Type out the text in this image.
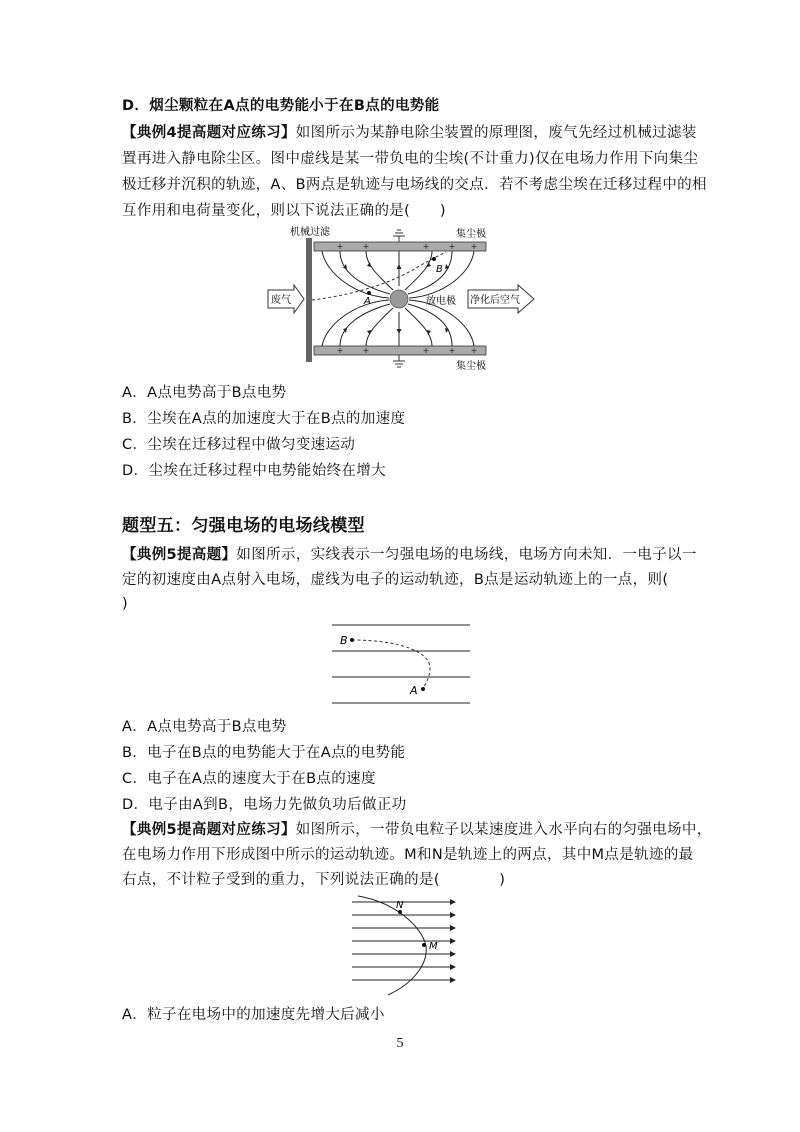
D．烟尘颗粒在A点的电势能小于在B点的电势能
【典例4提高题对应练习】如图所示为某静电除尘装置的原理图，废气先经过机械过滤装
置再进入静电除尘区。图中虚线是某一带负电的尘埃(不计重力)仅在电场力作用下向集尘
极迁移并沉积的轨迹，A、B两点是轨迹与电场线的交点．若不考虑尘埃在迁移过程中的相
互作用和电荷量变化，则以下说法正确的是(　　)
A
B
机械过滤	集尘极
集尘极
放电极
废气	净化后空气
A．A点电势高于B点电势
B．尘埃在A点的加速度大于在B点的加速度
C．尘埃在迁移过程中做匀变速运动
D．尘埃在迁移过程中电势能始终在增大
题型五：匀强电场的电场线模型
【典例5提高题】如图所示，实线表示一匀强电场的电场线，电场方向未知．一电子以一
定的初速度由A点射入电场，虚线为电子的运动轨迹，B点是运动轨迹上的一点，则(
)
B
A
A．A点电势高于B点电势
B．电子在B点的电势能大于在A点的电势能
C．电子在A点的速度大于在B点的速度
D．电子由A到B，电场力先做负功后做正功
【典例5提高题对应练习】如图所示，一带负电粒子以某速度进入水平向右的匀强电场中，
在电场力作用下形成图中所示的运动轨迹。M和N是轨迹上的两点，其中M点是轨迹的最
右点，不计粒子受到的重力，下列说法正确的是(　　　　)
N
M
A．粒子在电场中的加速度先增大后减小
5
